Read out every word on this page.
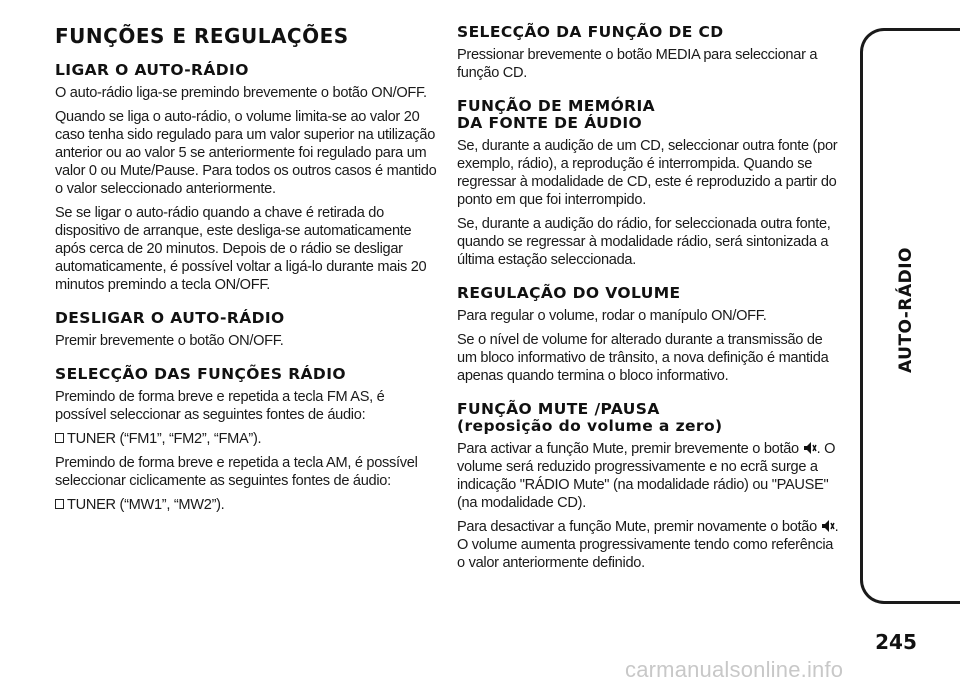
FUNÇÕES E REGULAÇÕES
LIGAR O AUTO-RÁDIO

O auto-rádio liga-se premindo brevemente o botão ON/OFF.

Quando se liga o auto-rádio, o volume limita-se ao valor 20 caso tenha sido regulado para um valor superior na utilização anterior ou ao valor 5 se anteriormente foi regulado para um valor 0 ou Mute/Pause. Para todos os outros casos é mantido o valor seleccionado anteriormente.

Se se ligar o auto-rádio quando a chave é retirada do dispositivo de arranque, este desliga-se automaticamente após cerca de 20 minutos. Depois de o rádio se desligar automaticamente, é possível voltar a ligá-lo durante mais 20 minutos premindo a tecla ON/OFF.

DESLIGAR O AUTO-RÁDIO

Premir brevemente o botão ON/OFF.

SELECÇÃO DAS FUNÇÕES RÁDIO

Premindo de forma breve e repetida a tecla FM AS, é possível seleccionar as seguintes fontes de áudio:

TUNER (“FM1”, “FM2”, “FMA”).

Premindo de forma breve e repetida a tecla AM, é possível seleccionar ciclicamente as seguintes fontes de áudio:

TUNER (“MW1”, “MW2”).

SELECÇÃO DA FUNÇÃO DE CD

Pressionar brevemente o botão MEDIA para seleccionar a função CD.

FUNÇÃO DE MEMÓRIA
DA FONTE DE ÁUDIO

Se, durante a audição de um CD, seleccionar outra fonte (por exemplo, rádio), a reprodução é interrompida. Quando se regressar à modalidade de CD, este é reproduzido a partir do ponto em que foi interrompido.

Se, durante a audição do rádio, for seleccionada outra fonte, quando se regressar à modalidade rádio, será sintonizada a última estação seleccionada.

REGULAÇÃO DO VOLUME

Para regular o volume, rodar o manípulo ON/OFF.

Se o nível de volume for alterado durante a transmissão de um bloco informativo de trânsito, a nova definição é mantida apenas quando termina o bloco informativo.

FUNÇÃO MUTE /PAUSA
(reposição do volume a zero)

Para activar a função Mute, premir brevemente o botão . O volume será reduzido progressivamente e no ecrã surge a indicação "RÁDIO Mute" (na modalidade rádio) ou "PAUSE" (na modalidade CD).

Para desactivar a função Mute, premir novamente o botão . O volume aumenta progressivamente tendo como referência o valor anteriormente definido.

AUTO-RÁDIO
245
carmanualsonline.info
